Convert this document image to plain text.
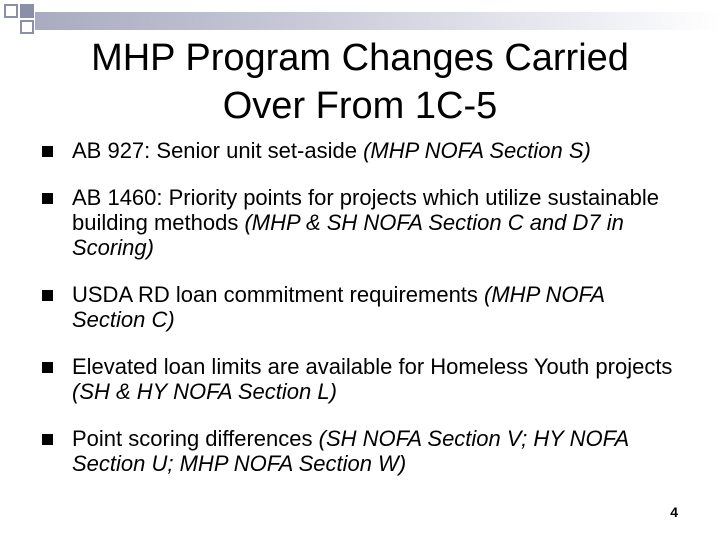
MHP Program Changes Carried
Over From 1C-5
AB 927: Senior unit set-aside (MHP NOFA Section S)
AB 1460: Priority points for projects which utilize sustainable building methods (MHP & SH NOFA Section C and D7 in Scoring)
USDA RD loan commitment requirements (MHP NOFA Section C)
Elevated loan limits are available for Homeless Youth projects (SH & HY NOFA Section L)
Point scoring differences (SH NOFA Section V; HY NOFA Section U; MHP NOFA Section W)
4
